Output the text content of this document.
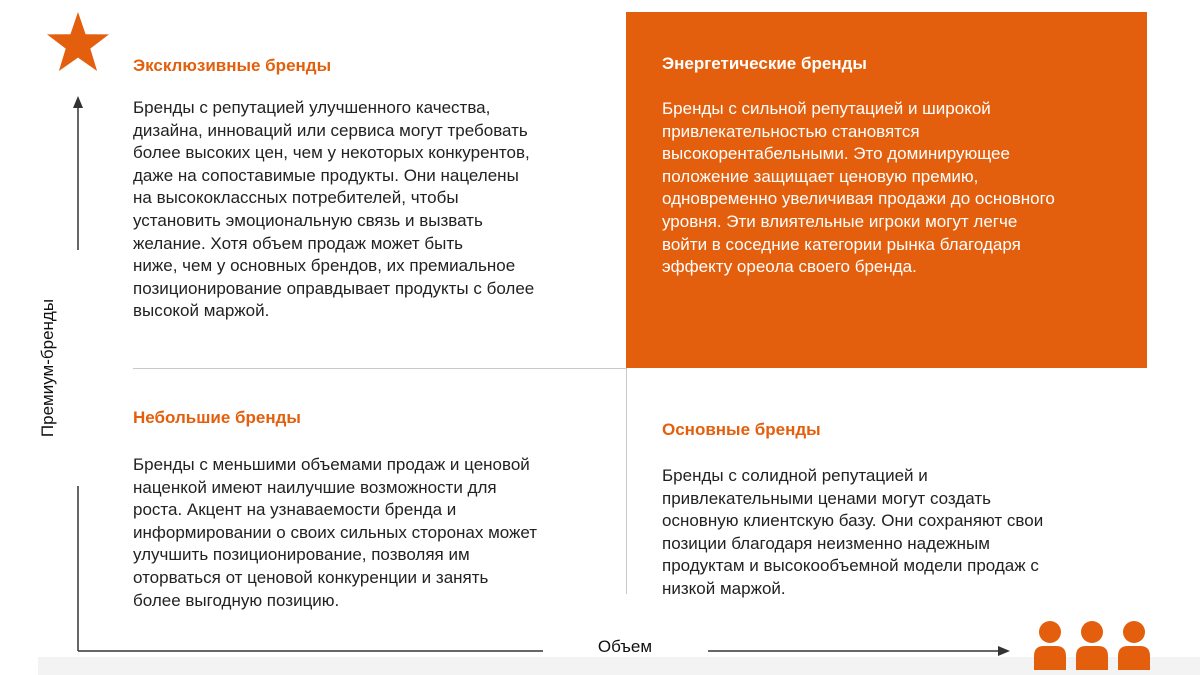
Премиум-бренды
Объем

Эксклюзивные бренды

Бренды с репутацией улучшенного качества,
дизайна, инноваций или сервиса могут требовать
более высоких цен, чем у некоторых конкурентов,
даже на сопоставимые продукты. Они нацелены
на высококлассных потребителей, чтобы
установить эмоциональную связь и вызвать
желание. Хотя объем продаж может быть
ниже, чем у основных брендов, их премиальное
позиционирование оправдывает продукты с более
высокой маржой.

Энергетические бренды

Бренды с сильной репутацией и широкой
привлекательностью становятся
высокорентабельными. Это доминирующее
положение защищает ценовую премию,
одновременно увеличивая продажи до основного
уровня. Эти влиятельные игроки могут легче
войти в соседние категории рынка благодаря
эффекту ореола своего бренда.

Небольшие бренды

Бренды с меньшими объемами продаж и ценовой
наценкой имеют наилучшие возможности для
роста. Акцент на узнаваемости бренда и
информировании о своих сильных сторонах может
улучшить позиционирование, позволяя им
оторваться от ценовой конкуренции и занять
более выгодную позицию.

Основные бренды

Бренды с солидной репутацией и
привлекательными ценами могут создать
основную клиентскую базу. Они сохраняют свои
позиции благодаря неизменно надежным
продуктам и высокообъемной модели продаж с
низкой маржой.
